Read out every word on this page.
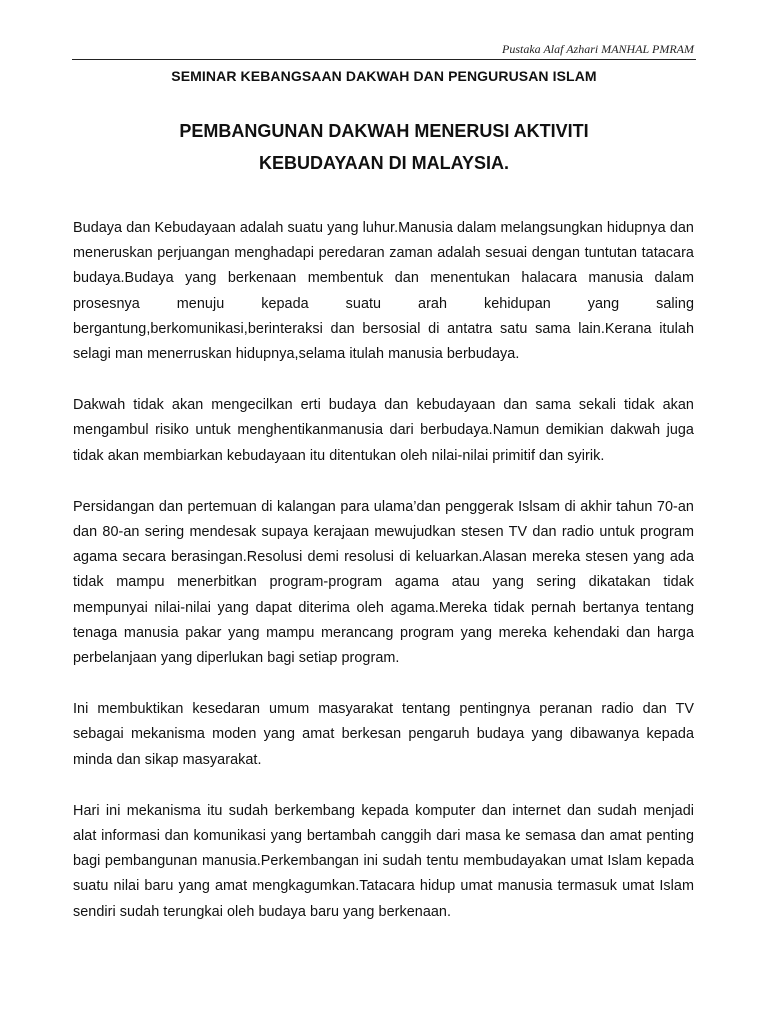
Pustaka Alaf Azhari MANHAL PMRAM
SEMINAR KEBANGSAAN DAKWAH DAN PENGURUSAN ISLAM
PEMBANGUNAN DAKWAH MENERUSI AKTIVITI
KEBUDAYAAN DI MALAYSIA.

Budaya dan Kebudayaan adalah suatu yang luhur.Manusia dalam melangsungkan hidupnya dan meneruskan perjuangan menghadapi peredaran zaman adalah sesuai dengan tuntutan tatacara budaya.Budaya yang berkenaan membentuk dan menentukan halacara manusia dalam prosesnya menuju kepada suatu arah kehidupan yang saling bergantung,berkomunikasi,berinteraksi dan bersosial di antatra satu sama lain.Kerana itulah selagi man menerruskan hidupnya,selama itulah manusia berbudaya.

Dakwah tidak akan mengecilkan erti budaya dan kebudayaan dan sama sekali tidak akan mengambul risiko untuk menghentikanmanusia dari berbudaya.Namun demikian dakwah juga tidak akan membiarkan kebudayaan itu ditentukan oleh nilai-nilai primitif dan syirik.

Persidangan dan pertemuan di kalangan para ulama’dan penggerak Islsam di akhir tahun 70-an dan 80-an sering mendesak supaya kerajaan mewujudkan stesen TV dan radio untuk program agama secara berasingan.Resolusi demi resolusi di keluarkan.Alasan mereka stesen yang ada tidak mampu menerbitkan program-program agama atau yang sering dikatakan tidak mempunyai nilai-nilai yang dapat diterima oleh agama.Mereka tidak pernah bertanya tentang tenaga manusia pakar yang mampu merancang program yang mereka kehendaki dan harga perbelanjaan yang diperlukan bagi setiap program.

Ini membuktikan kesedaran umum masyarakat tentang pentingnya peranan radio dan TV sebagai mekanisma moden yang amat berkesan pengaruh budaya yang dibawanya kepada minda dan sikap masyarakat.

Hari ini mekanisma itu sudah berkembang kepada komputer dan internet dan sudah menjadi alat informasi dan komunikasi yang bertambah canggih dari masa ke semasa dan amat penting bagi pembangunan manusia.Perkembangan ini sudah tentu membudayakan umat Islam kepada suatu nilai baru yang amat mengkagumkan.Tatacara hidup umat manusia termasuk umat Islam sendiri sudah terungkai oleh budaya baru yang berkenaan.
